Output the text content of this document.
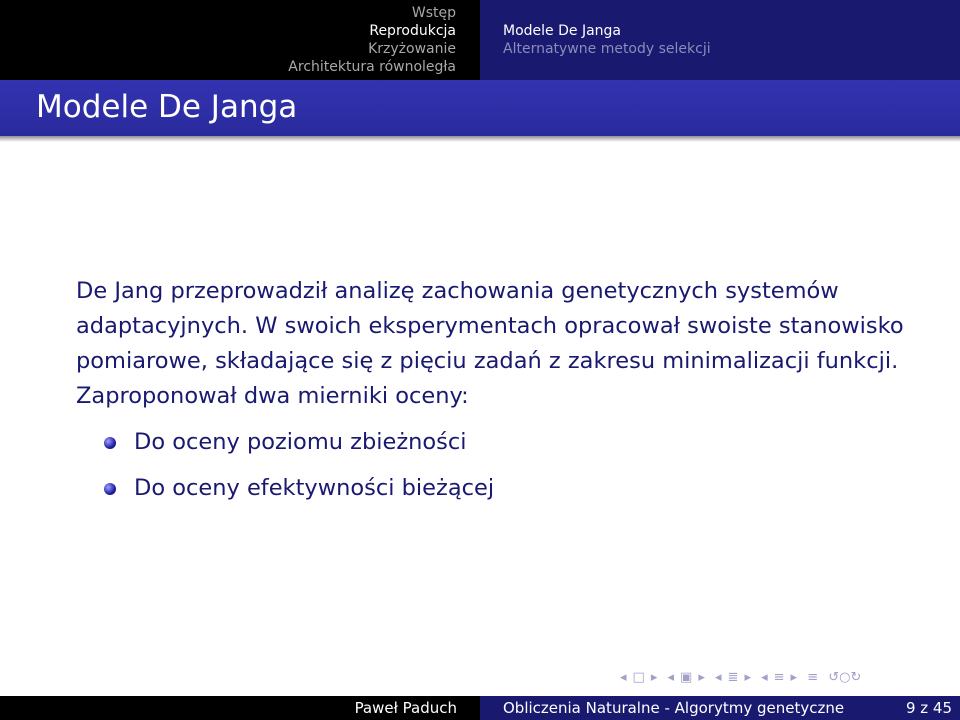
Wstęp
Reprodukcja
Krzyżowanie
Architektura równoległa
Modele De Janga
Alternatywne metody selekcji
Modele De Janga

De Jang przeprowadził analizę zachowania genetycznych systemów adaptacyjnych. W swoich eksperymentach opracował swoiste stanowisko pomiarowe, składające się z pięciu zadań z zakresu minimalizacji funkcji. Zaproponował dwa mierniki oceny:

Do oceny poziomu zbieżności
Do oceny efektywności bieżącej
◂ □ ▸ ◂ ▣ ▸ ◂ ≣ ▸ ◂ ≡ ▸ ≡ ↺○↻
Paweł Paduch	Obliczenia Naturalne - Algorytmy genetyczne	9 z 45
